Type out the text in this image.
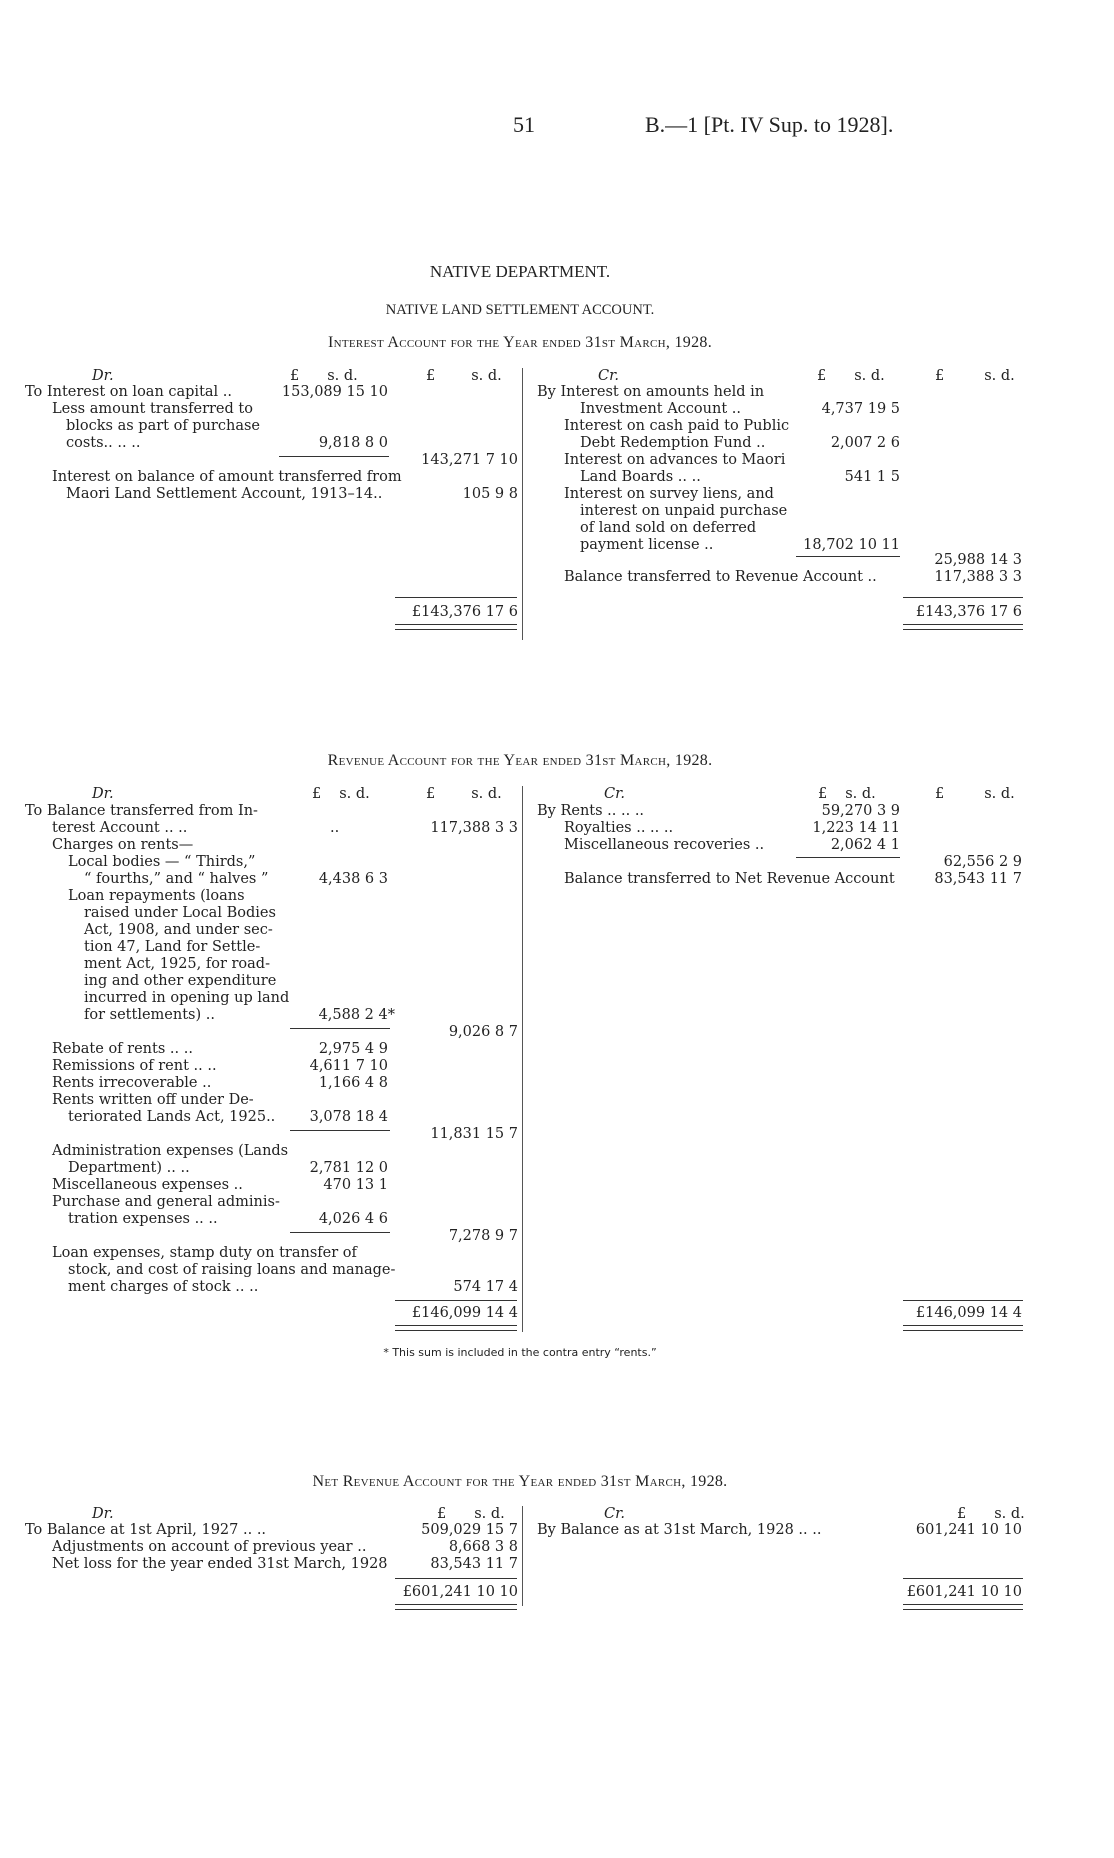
51	B.—1 [Pt. IV Sup. to 1928].
NATIVE DEPARTMENT.
NATIVE LAND SETTLEMENT ACCOUNT.
Interest Account for the Year ended 31st March, 1928.
Dr.	£ s. d.	£ s. d.
To Interest on loan capital ..	153,089 15 10
Less amount transferred to
blocks as part of purchase
costs.. .. ..	9,818 8 0
143,271 7 10
Interest on balance of amount transferred from
Maori Land Settlement Account, 1913–14..	105 9 8
£143,376 17 6
Cr.	£ s. d.	£	s. d.
By Interest on amounts held in
Investment Account ..	4,737 19 5
Interest on cash paid to Public
Debt Redemption Fund ..	2,007 2 6
Interest on advances to Maori
Land Boards .. ..	541 1 5
Interest on survey liens, and
interest on unpaid purchase
of land sold on deferred
payment license ..	18,702 10 11
25,988 14 3
Balance transferred to Revenue Account ..	117,388 3 3
£143,376 17 6
Revenue Account for the Year ended 31st March, 1928.
Dr.	£ s. d.	£ s. d.
To Balance transferred from In-
terest Account .. ..	..	117,388 3 3
Charges on rents—
Local bodies — “ Thirds,”
“ fourths,” and “ halves ”	4,438 6 3
Loan repayments (loans
raised under Local Bodies
Act, 1908, and under sec-
tion 47, Land for Settle-
ment Act, 1925, for road-
ing and other expenditure
incurred in opening up land
for settlements) ..	4,588 2 4*
9,026 8 7
Rebate of rents .. ..	2,975 4 9
Remissions of rent .. ..	4,611 7 10
Rents irrecoverable ..	1,166 4 8
Rents written off under De-
teriorated Lands Act, 1925..	3,078 18 4
11,831 15 7
Administration expenses (Lands
Department) .. ..	2,781 12 0
Miscellaneous expenses ..	470 13 1
Purchase and general adminis-
tration expenses .. ..	4,026 4 6
7,278 9 7
Loan expenses, stamp duty on transfer of
stock, and cost of raising loans and manage-
ment charges of stock .. ..	574 17 4
£146,099 14 4
Cr.	£ s. d.	£	s. d.
By Rents .. .. ..	59,270 3 9
Royalties .. .. ..	1,223 14 11
Miscellaneous recoveries ..	2,062 4 1
62,556 2 9
Balance transferred to Net Revenue Account	83,543 11 7
£146,099 14 4
* This sum is included in the contra entry “rents.”
Net Revenue Account for the Year ended 31st March, 1928.
Dr.	£ s. d.
To Balance at 1st April, 1927 .. ..	509,029 15 7
Adjustments on account of previous year ..	8,668 3 8
Net loss for the year ended 31st March, 1928	83,543 11 7
£601,241 10 10
Cr.	£ s. d.
By Balance as at 31st March, 1928 .. ..	601,241 10 10
£601,241 10 10
